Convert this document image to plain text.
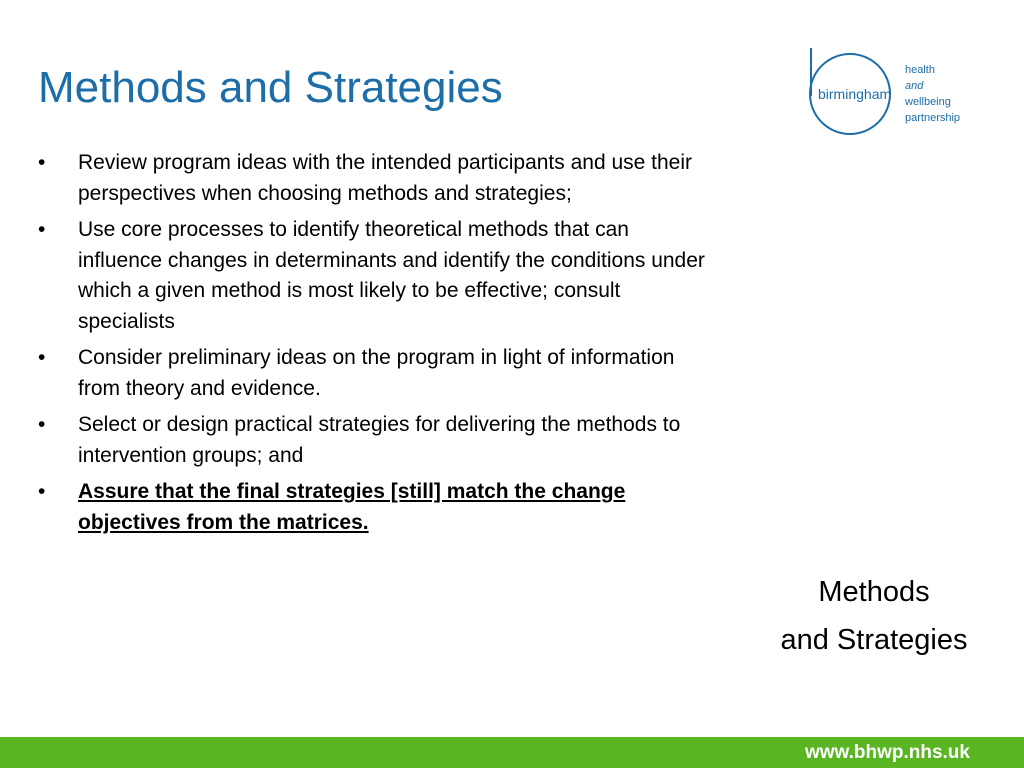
Methods and Strategies	birmingham
health
and
wellbeing
partnership
•	Review program ideas with the intended participants and use their perspectives when choosing methods and strategies;
•	Use core processes to identify theoretical methods that can influence changes in determinants and identify the conditions under which a given method is most likely to be effective; consult specialists
•	Consider preliminary ideas on the program in light of information from theory and evidence.
•	Select or design practical strategies for delivering the methods to intervention groups; and
•	Assure that the final strategies [still] match the change objectives from the matrices.
Methods
and Strategies
www.bhwp.nhs.uk
